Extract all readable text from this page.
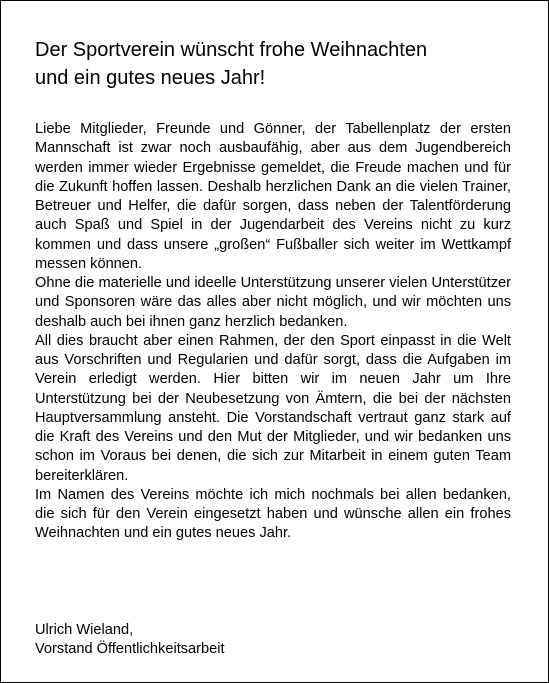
Der Sportverein wünscht frohe Weihnachten
und ein gutes neues Jahr!

Liebe Mitglieder, Freunde und Gönner, der Tabellenplatz der ersten Mannschaft ist zwar noch ausbaufähig, aber aus dem Jugendbereich werden immer wieder Ergebnisse gemeldet, die Freude machen und für die Zukunft hoffen lassen. Deshalb herzlichen Dank an die vielen Trainer, Betreuer und Helfer, die dafür sorgen, dass neben der Talentförderung auch Spaß und Spiel in der Jugendarbeit des Vereins nicht zu kurz kommen und dass unsere „großen“ Fußballer sich weiter im Wettkampf messen können.

Ohne die materielle und ideelle Unterstützung unserer vielen Unterstützer und Sponsoren wäre das alles aber nicht möglich, und wir möchten uns deshalb auch bei ihnen ganz herzlich bedanken.

All dies braucht aber einen Rahmen, der den Sport einpasst in die Welt aus Vorschriften und Regularien und dafür sorgt, dass die Aufgaben im Verein erledigt werden. Hier bitten wir im neuen Jahr um Ihre Unterstützung bei der Neubesetzung von Ämtern, die bei der nächsten Hauptversammlung ansteht. Die Vorstandschaft vertraut ganz stark auf die Kraft des Vereins und den Mut der Mitglieder, und wir bedanken uns schon im Voraus bei denen, die sich zur Mitarbeit in einem guten Team bereiterklären.

Im Namen des Vereins möchte ich mich nochmals bei allen bedanken, die sich für den Verein eingesetzt haben und wünsche allen ein frohes Weihnachten und ein gutes neues Jahr.

Ulrich Wieland,
Vorstand Öffentlichkeitsarbeit
